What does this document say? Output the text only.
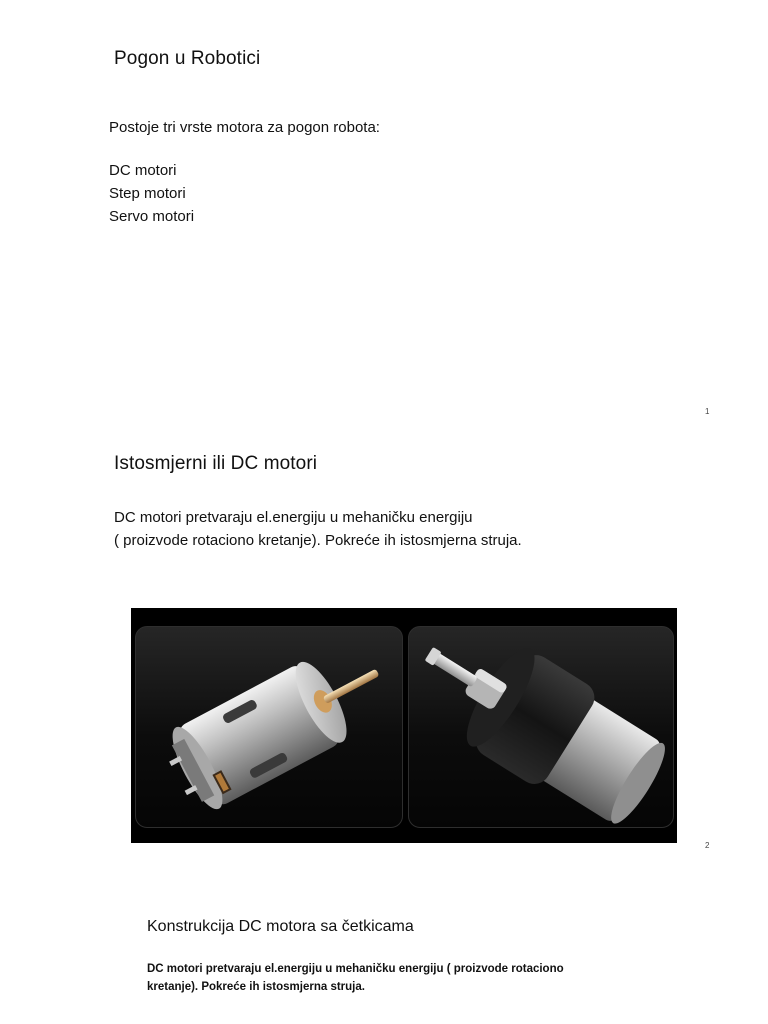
Pogon u Robotici

Postoje tri vrste motora za pogon robota:

DC motori
Step motori
Servo motori
1
Istosmjerni ili DC motori

DC motori pretvaraju el.energiju u mehaničku energiju

( proizvode rotaciono kretanje). Pokreće ih istosmjerna struja.

2
Konstrukcija DC motora sa četkicama

DC motori pretvaraju el.energiju u mehaničku energiju ( proizvode rotaciono

kretanje). Pokreće ih istosmjerna struja.
